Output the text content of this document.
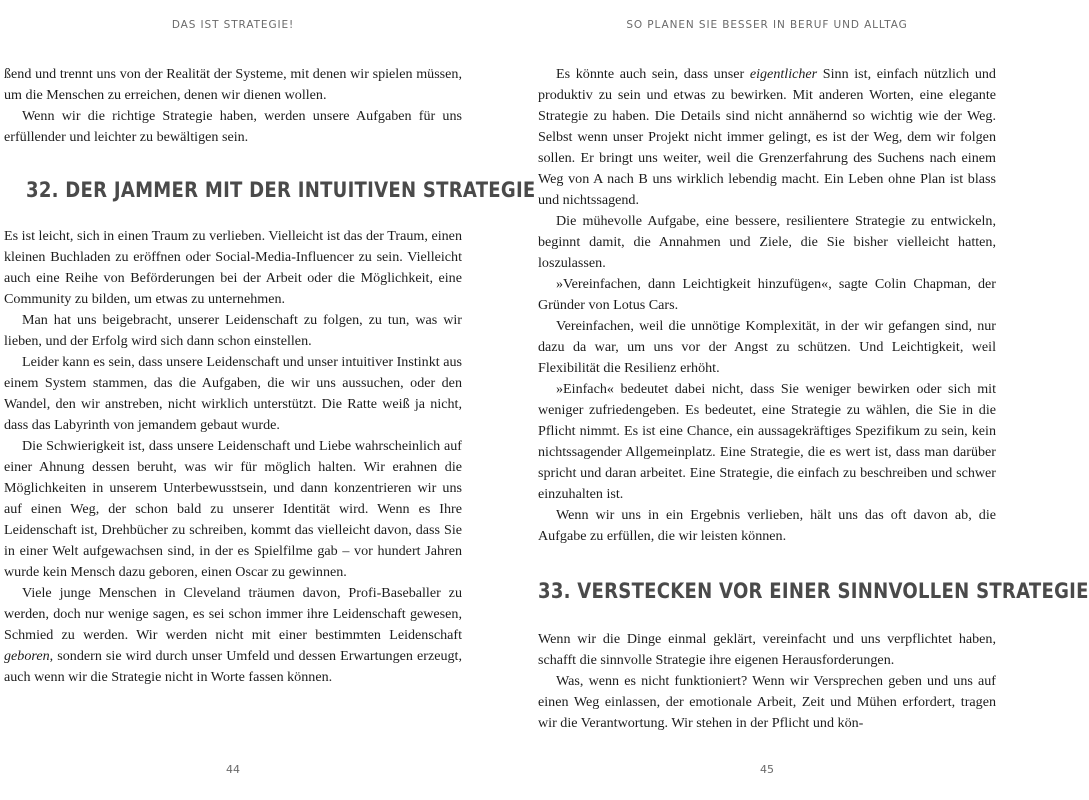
DAS IST STRATEGIE!

ßend und trennt uns von der Realität der Systeme, mit denen wir spielen müssen, um die Menschen zu erreichen, denen wir dienen wollen.

Wenn wir die richtige Strategie haben, werden unsere Aufgaben für uns erfüllender und leichter zu bewältigen sein.

32. DER JAMMER MIT DER INTUITIVEN STRATEGIE

Es ist leicht, sich in einen Traum zu verlieben. Vielleicht ist das der Traum, einen kleinen Buchladen zu eröffnen oder Social-Media-Influencer zu sein. Vielleicht auch eine Reihe von Beförderungen bei der Arbeit oder die Möglichkeit, eine Community zu bilden, um etwas zu unternehmen.

Man hat uns beigebracht, unserer Leidenschaft zu folgen, zu tun, was wir lieben, und der Erfolg wird sich dann schon einstellen.

Leider kann es sein, dass unsere Leidenschaft und unser intuitiver Instinkt aus einem System stammen, das die Aufgaben, die wir uns aussuchen, oder den Wandel, den wir anstreben, nicht wirklich unterstützt. Die Ratte weiß ja nicht, dass das Labyrinth von jemandem gebaut wurde.

Die Schwierigkeit ist, dass unsere Leidenschaft und Liebe wahrscheinlich auf einer Ahnung dessen beruht, was wir für möglich halten. Wir erahnen die Möglichkeiten in unserem Unterbewusstsein, und dann konzentrieren wir uns auf einen Weg, der schon bald zu unserer Identität wird. Wenn es Ihre Leidenschaft ist, Drehbücher zu schreiben, kommt das vielleicht davon, dass Sie in einer Welt aufgewachsen sind, in der es Spielfilme gab – vor hundert Jahren wurde kein Mensch dazu geboren, einen Oscar zu gewinnen.

Viele junge Menschen in Cleveland träumen davon, Profi-Baseballer zu werden, doch nur wenige sagen, es sei schon immer ihre Leidenschaft gewesen, Schmied zu werden. Wir werden nicht mit einer bestimmten Leidenschaft geboren, sondern sie wird durch unser Umfeld und dessen Erwartungen erzeugt, auch wenn wir die Strategie nicht in Worte fassen können.

44
SO PLANEN SIE BESSER IN BERUF UND ALLTAG

Es könnte auch sein, dass unser eigentlicher Sinn ist, einfach nützlich und produktiv zu sein und etwas zu bewirken. Mit anderen Worten, eine elegante Strategie zu haben. Die Details sind nicht annähernd so wichtig wie der Weg. Selbst wenn unser Projekt nicht immer gelingt, es ist der Weg, dem wir folgen sollen. Er bringt uns weiter, weil die Grenzerfahrung des Suchens nach einem Weg von A nach B uns wirklich lebendig macht. Ein Leben ohne Plan ist blass und nichtssagend.

Die mühevolle Aufgabe, eine bessere, resilientere Strategie zu entwickeln, beginnt damit, die Annahmen und Ziele, die Sie bisher vielleicht hatten, loszulassen.

»Vereinfachen, dann Leichtigkeit hinzufügen«, sagte Colin Chapman, der Gründer von Lotus Cars.

Vereinfachen, weil die unnötige Komplexität, in der wir gefangen sind, nur dazu da war, um uns vor der Angst zu schützen. Und Leichtigkeit, weil Flexibilität die Resilienz erhöht.

»Einfach« bedeutet dabei nicht, dass Sie weniger bewirken oder sich mit weniger zufriedengeben. Es bedeutet, eine Strategie zu wählen, die Sie in die Pflicht nimmt. Es ist eine Chance, ein aussagekräftiges Spezifikum zu sein, kein nichtssagender Allgemeinplatz. Eine Strategie, die es wert ist, dass man darüber spricht und daran arbeitet. Eine Strategie, die einfach zu beschreiben und schwer einzuhalten ist.

Wenn wir uns in ein Ergebnis verlieben, hält uns das oft davon ab, die Aufgabe zu erfüllen, die wir leisten können.

33. VERSTECKEN VOR EINER SINNVOLLEN STRATEGIE

Wenn wir die Dinge einmal geklärt, vereinfacht und uns verpflichtet haben, schafft die sinnvolle Strategie ihre eigenen Herausforderungen.

Was, wenn es nicht funktioniert? Wenn wir Versprechen geben und uns auf einen Weg einlassen, der emotionale Arbeit, Zeit und Mühen erfordert, tragen wir die Verantwortung. Wir stehen in der Pflicht und kön-

45
